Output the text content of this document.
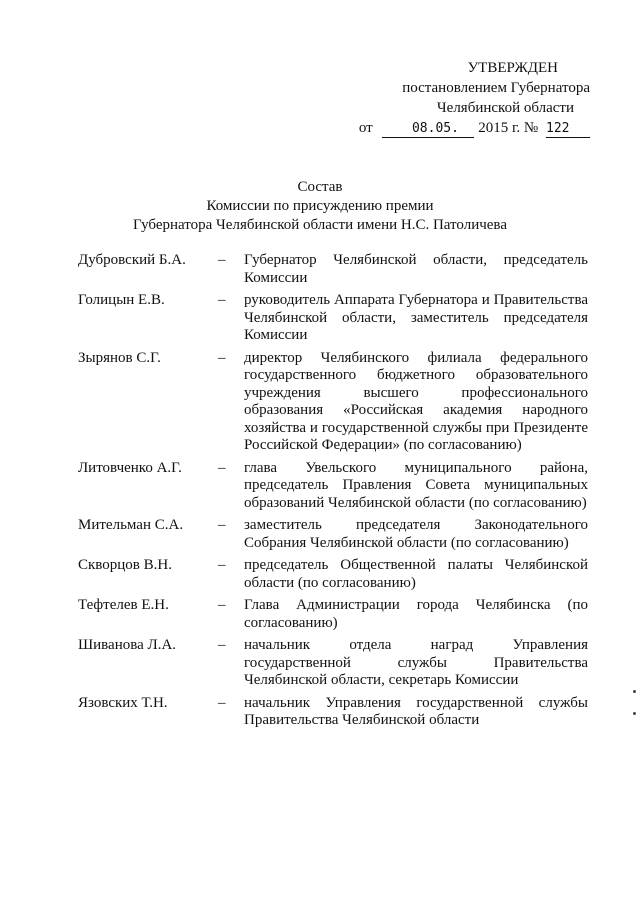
УТВЕРЖДЕН
постановлением Губернатора
Челябинской области
от	08.05. 2015 г. № 122
Состав
Комиссии по присуждению премии
Губернатора Челябинской области имени Н.С. Патоличева
Дубровский Б.А.	–	Губернатор Челябинской области, председатель Комиссии
Голицын Е.В.	–	руководитель Аппарата Губернатора и Правительства Челябинской области, заместитель председателя Комиссии
Зырянов С.Г.	–	директор Челябинского филиала федерального государственного бюджетного образовательного учреждения высшего профессионального образования «Российская академия народного хозяйства и государственной службы при Президенте Российской Федерации» (по согласованию)
Литовченко А.Г.	–	глава Увельского муниципального района, председатель Правления Совета муниципальных образований Челябинской области (по согласованию)
Мительман С.А.	–	заместитель председателя Законодательного Собрания Челябинской области (по согласованию)
Скворцов В.Н.	–	председатель Общественной палаты Челябинской области (по согласованию)
Тефтелев Е.Н.	–	Глава Администрации города Челябинска (по согласованию)
Шиванова Л.А.	–	начальник отдела наград Управления государственной службы Правительства Челябинской области, секретарь Комиссии
Язовских Т.Н.	–	начальник Управления государственной службы Правительства Челябинской области
